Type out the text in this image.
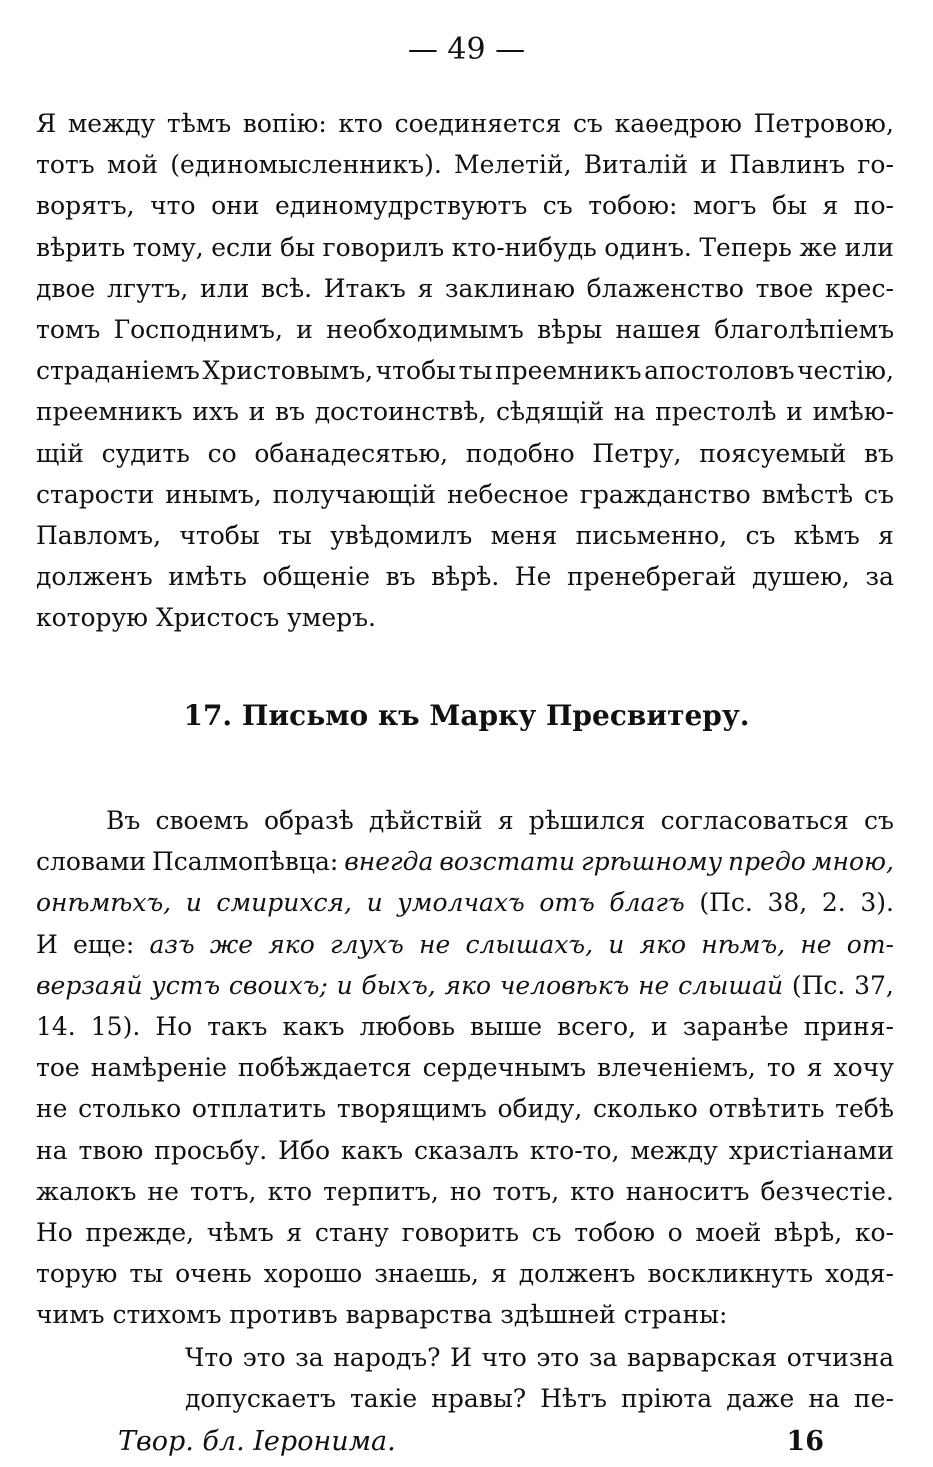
— 49 —
Я между тѣмъ вопію: кто соединяется съ каѳедрою Петровою,
тотъ мой (единомысленникъ). Мелетій, Виталій и Павлинъ го-
ворятъ, что они единомудрствуютъ съ тобою: могъ бы я по-
вѣрить тому, если бы говорилъ кто-нибудь одинъ. Теперь же или
двое лгутъ, или всѣ. Итакъ я заклинаю блаженство твое крес-
томъ Господнимъ, и необходимымъ вѣры нашея благолѣпіемъ
страданіемъ Христовымъ, чтобы ты преемникъ апостоловъ честію,
преемникъ ихъ и въ достоинствѣ, сѣдящій на престолѣ и имѣю-
щій судить со обанадесятью, подобно Петру, поясуемый въ
старости инымъ, получающій небесное гражданство вмѣстѣ съ
Павломъ, чтобы ты увѣдомилъ меня письменно, съ кѣмъ я
долженъ имѣть общеніе въ вѣрѣ. Не пренебрегай душею, за
которую Христосъ умеръ.
17. Письмо къ Марку Пресвитеру.
Въ своемъ образѣ дѣйствій я рѣшился согласоваться съ
словами Псалмопѣвца: внегда возстати грѣшному предо мною,
онѣмѣхъ, и смирихся, и умолчахъ отъ благъ (Пс. 38, 2. 3).
И еще: азъ же яко глухъ не слышахъ, и яко нѣмъ, не от-
верзаяй устъ своихъ; и быхъ, яко человѣкъ не слышай (Пс. 37,
14. 15). Но такъ какъ любовь выше всего, и заранѣе приня-
тое намѣреніе побѣждается сердечнымъ влеченіемъ, то я хочу
не столько отплатить творящимъ обиду, сколько отвѣтить тебѣ
на твою просьбу. Ибо какъ сказалъ кто-то, между христіанами
жалокъ не тотъ, кто терпитъ, но тотъ, кто наноситъ безчестіе.
Но прежде, чѣмъ я стану говорить съ тобою о моей вѣрѣ, ко-
торую ты очень хорошо знаешь, я долженъ воскликнуть ходя-
чимъ стихомъ противъ варварства здѣшней страны:
Что это за народъ? И что это за варварская отчизна
допускаетъ такіе нравы? Нѣтъ пріюта даже на пе-
Твор. бл. Іеронима.	16
